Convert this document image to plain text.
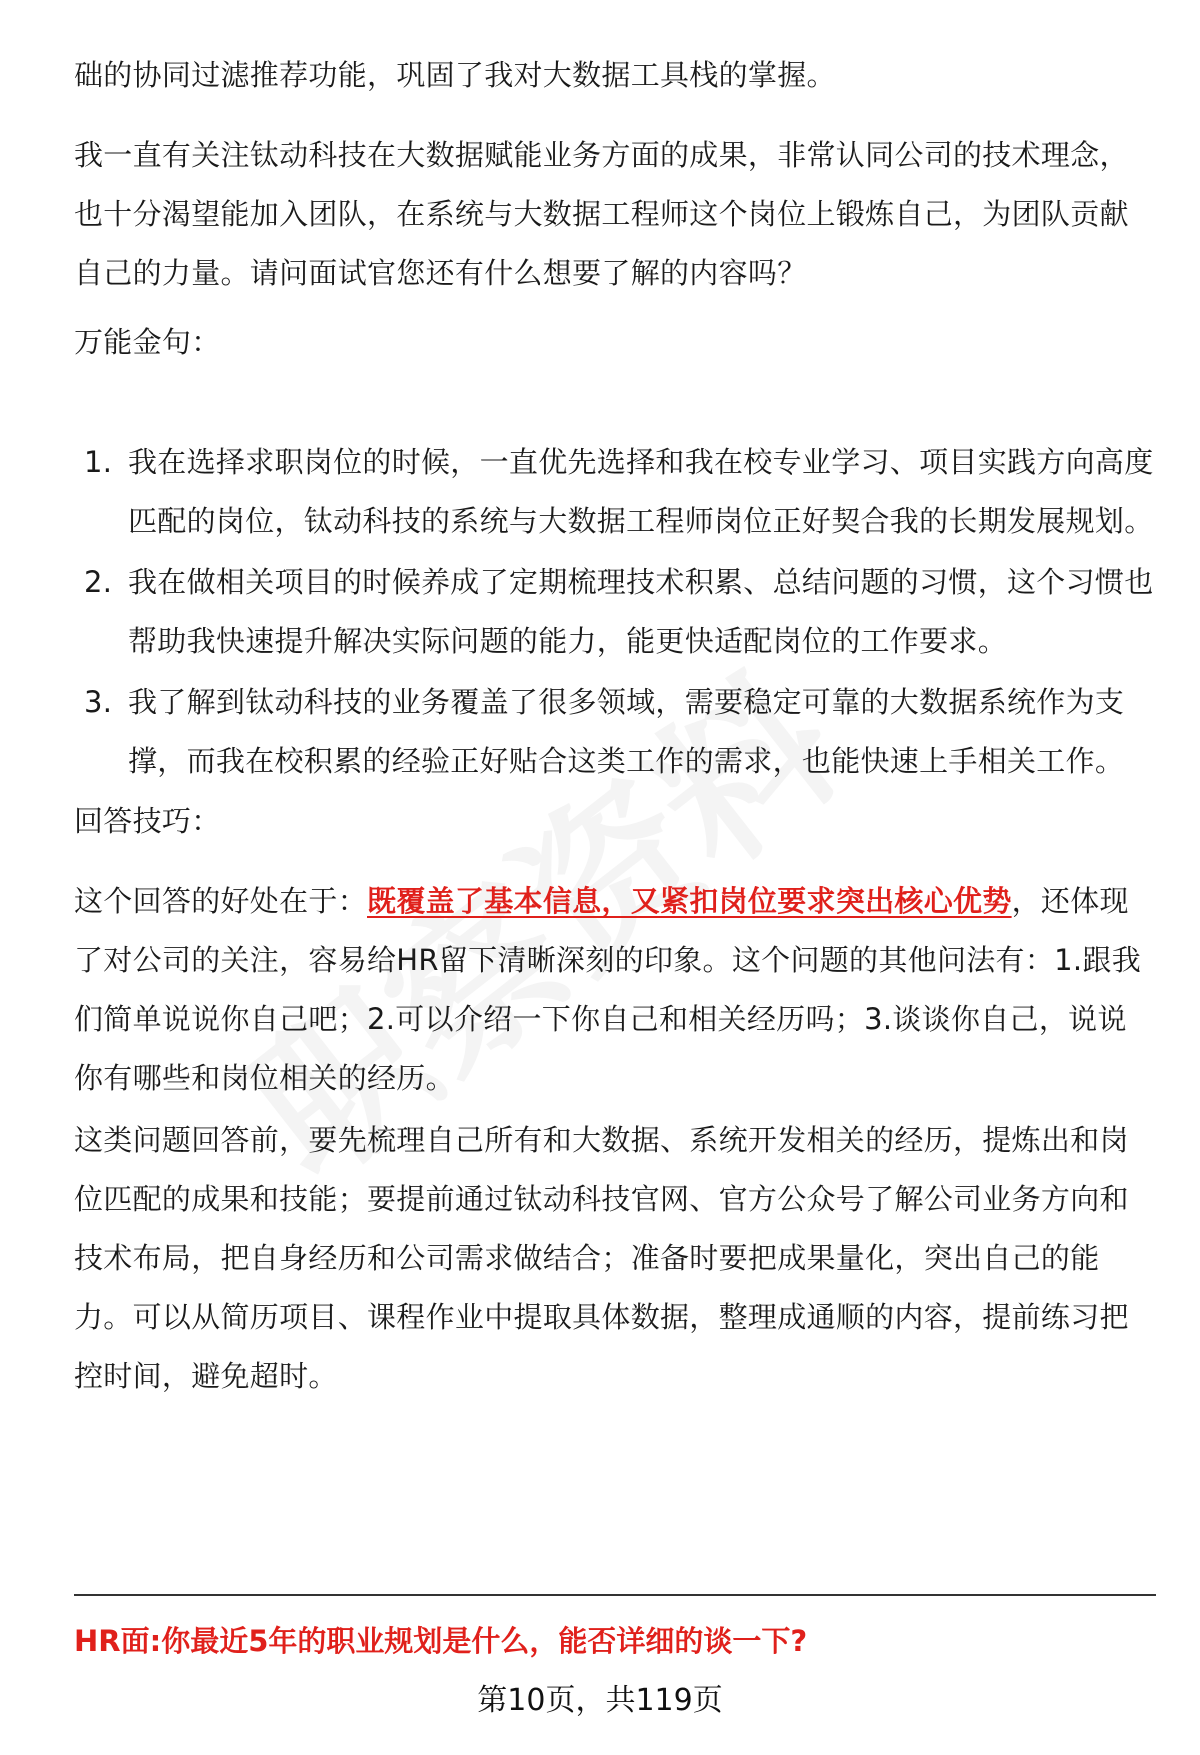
础的协同过滤推荐功能，巩固了我对大数据工具栈的掌握。

我一直有关注钛动科技在大数据赋能业务方面的成果，非常认同公司的技术理念，也十分渴望能加入团队，在系统与大数据工程师这个岗位上锻炼自己，为团队贡献自己的力量。请问面试官您还有什么想要了解的内容吗？

万能金句：

1. 我在选择求职岗位的时候，一直优先选择和我在校专业学习、项目实践方向高度匹配的岗位，钛动科技的系统与大数据工程师岗位正好契合我的长期发展规划。
2. 我在做相关项目的时候养成了定期梳理技术积累、总结问题的习惯，这个习惯也帮助我快速提升解决实际问题的能力，能更快适配岗位的工作要求。
3. 我了解到钛动科技的业务覆盖了很多领域，需要稳定可靠的大数据系统作为支撑，而我在校积累的经验正好贴合这类工作的需求，也能快速上手相关工作。

回答技巧：

这个回答的好处在于：既覆盖了基本信息，又紧扣岗位要求突出核心优势，还体现了对公司的关注，容易给HR留下清晰深刻的印象。这个问题的其他问法有：1.跟我们简单说说你自己吧；2.可以介绍一下你自己和相关经历吗；3.谈谈你自己，说说你有哪些和岗位相关的经历。

这类问题回答前，要先梳理自己所有和大数据、系统开发相关的经历，提炼出和岗位匹配的成果和技能；要提前通过钛动科技官网、官方公众号了解公司业务方向和技术布局，把自身经历和公司需求做结合；准备时要把成果量化，突出自己的能力。可以从简历项目、课程作业中提取具体数据，整理成通顺的内容，提前练习把控时间，避免超时。

HR面:你最近5年的职业规划是什么，能否详细的谈一下?
第10页，共119页
